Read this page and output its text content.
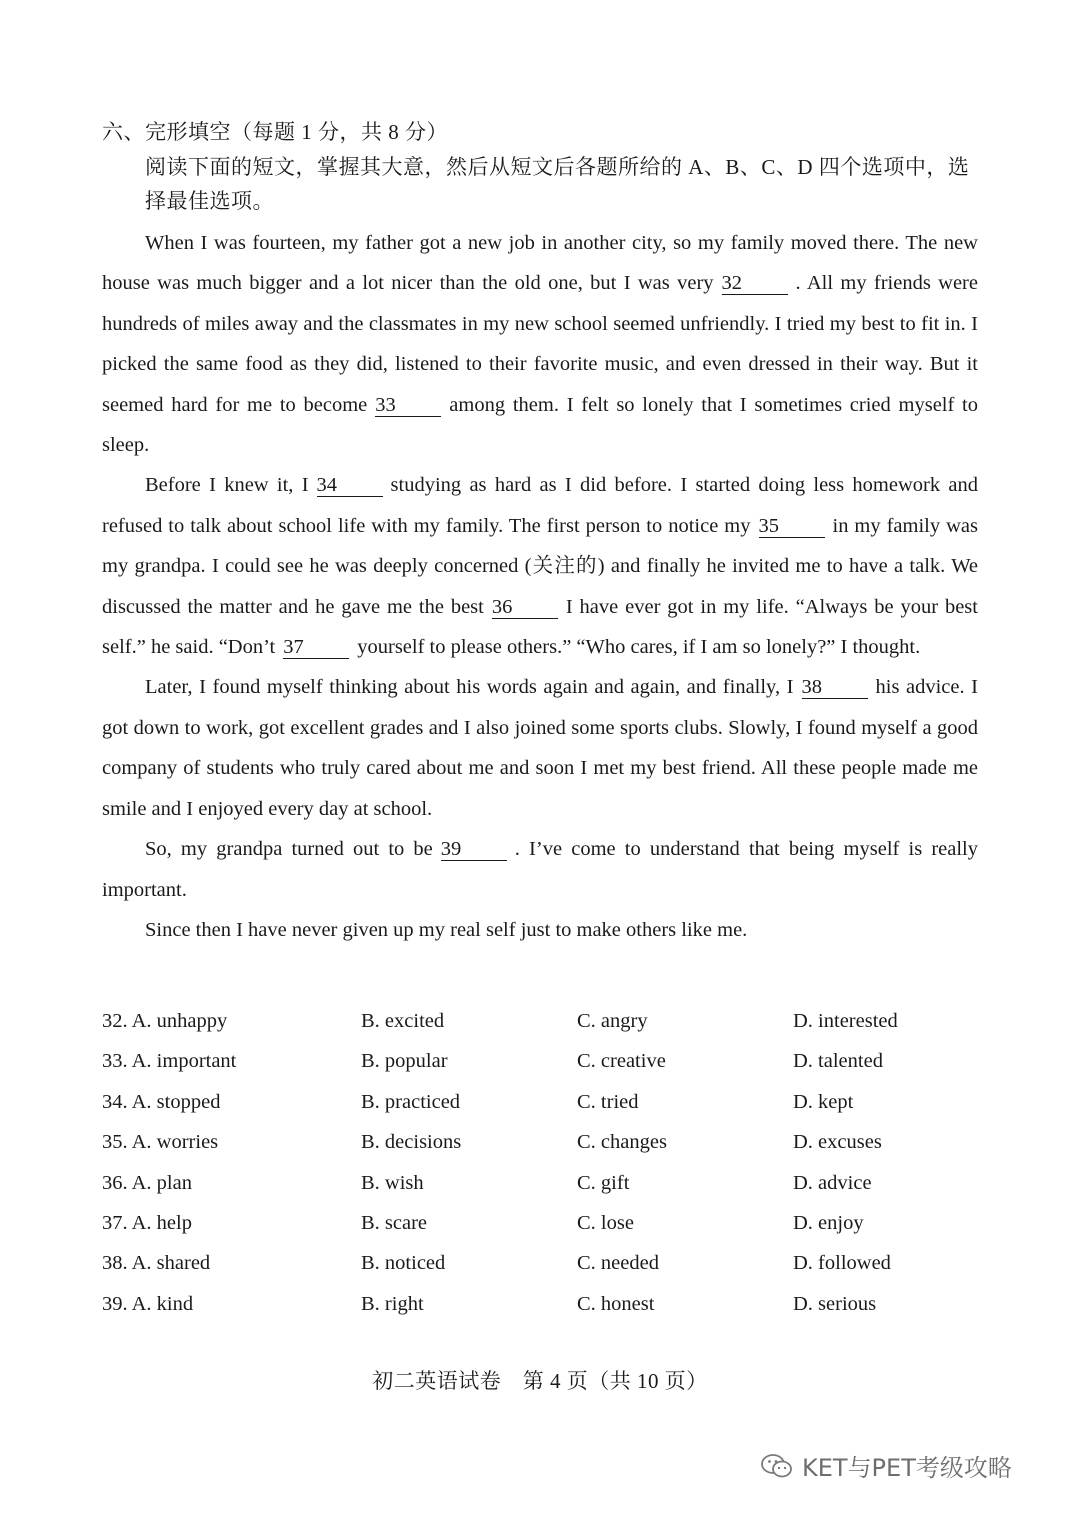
六、完形填空（每题 1 分，共 8 分）
阅读下面的短文，掌握其大意，然后从短文后各题所给的 A、B、C、D 四个选项中，选
择最佳选项。

When I was fourteen, my father got a new job in another city, so my family moved there. The new house was much bigger and a lot nicer than the old one, but I was very 32	. All my friends were hundreds of miles away and the classmates in my new school seemed unfriendly. I tried my best to fit in. I picked the same food as they did, listened to their favorite music, and even dressed in their way. But it seemed hard for me to become 33	among them. I felt so lonely that I sometimes cried myself to sleep.

Before I knew it, I 34	studying as hard as I did before. I started doing less homework and refused to talk about school life with my family. The first person to notice my 35	in my family was my grandpa. I could see he was deeply concerned (关注的) and finally he invited me to have a talk. We discussed the matter and he gave me the best 36	I have ever got in my life. “Always be your best self.” he said. “Don’t 37	yourself to please others.” “Who cares, if I am so lonely?” I thought.

Later, I found myself thinking about his words again and again, and finally, I 38	his advice. I got down to work, got excellent grades and I also joined some sports clubs. Slowly, I found myself a good company of students who truly cared about me and soon I met my best friend. All these people made me smile and I enjoyed every day at school.

So, my grandpa turned out to be 39	. I’ve come to understand that being myself is really important.

Since then I have never given up my real self just to make others like me.

32. A. unhappy	B. excited	C. angry	D. interested
33. A. important	B. popular	C. creative	D. talented
34. A. stopped	B. practiced	C. tried	D. kept
35. A. worries	B. decisions	C. changes	D. excuses
36. A. plan	B. wish	C. gift	D. advice
37. A. help	B. scare	C. lose	D. enjoy
38. A. shared	B. noticed	C. needed	D. followed
39. A. kind	B. right	C. honest	D. serious
初二英语试卷　第 4 页（共 10 页）
KET与PET考级攻略
